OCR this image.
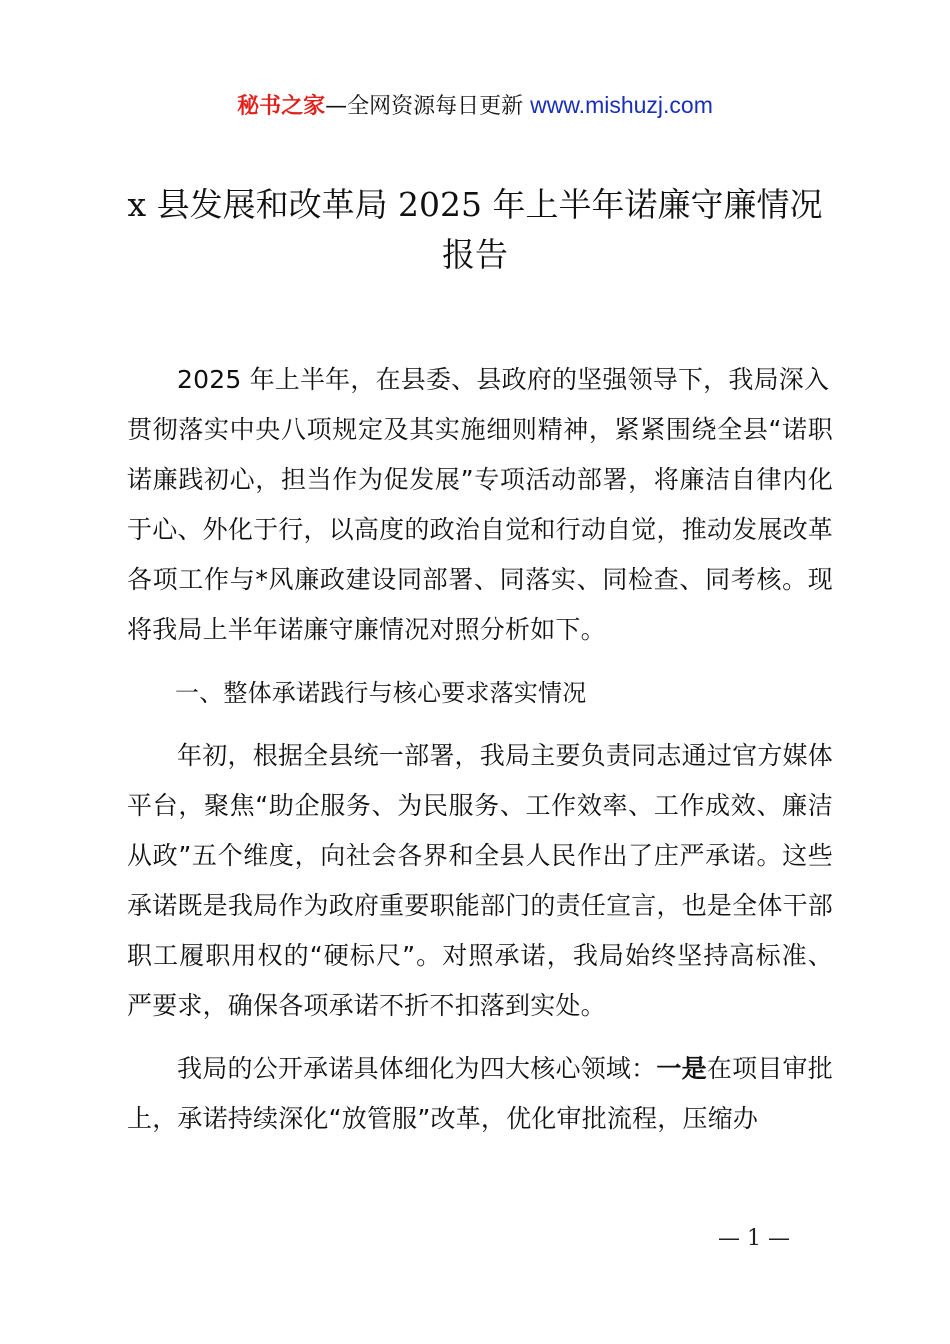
秘书之家—全网资源每日更新 www.mishuzj.com
x 县发展和改革局 2025 年上半年诺廉守廉情况
报告

2025 年上半年，在县委、县政府的坚强领导下，我局深入
贯彻落实中央八项规定及其实施细则精神，紧紧围绕全县“诺职诺廉践初心，担当作为促发展”专项活动部署，将廉洁自律内化于心、外化于行，以高度的政治自觉和行动自觉，推动发展改革各项工作与*风廉政建设同部署、同落实、同检查、同考核。现将我局上半年诺廉守廉情况对照分析如下。

一、整体承诺践行与核心要求落实情况

年初，根据全县统一部署，我局主要负责同志通过官方媒体平台，聚焦“助企服务、为民服务、工作效率、工作成效、廉洁从政”五个维度，向社会各界和全县人民作出了庄严承诺。这些承诺既是我局作为政府重要职能部门的责任宣言，也是全体干部职工履职用权的“硬标尺”。对照承诺，我局始终坚持高标准、严要求，确保各项承诺不折不扣落到实处。

我局的公开承诺具体细化为四大核心领域：一是在项目审批上，承诺持续深化“放管服”改革，优化审批流程，压缩办

— 1 —
